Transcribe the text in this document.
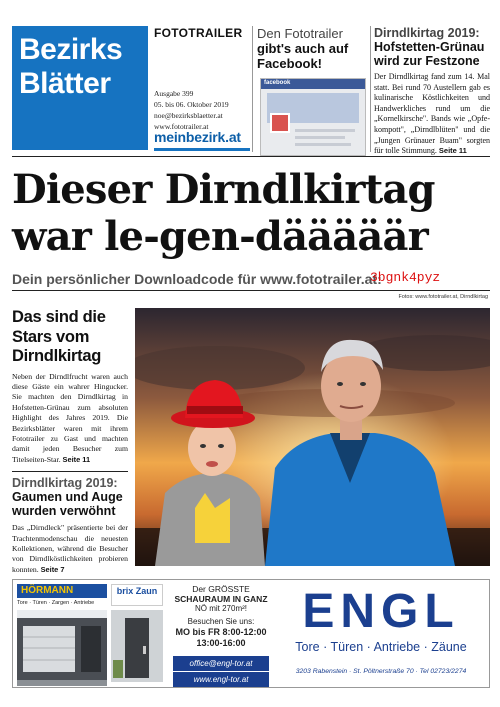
Bezirks
Blätter
FOTOTRAILER
Ausgabe 399
05. bis 06. Oktober 2019
noe@bezirksblaetter.at
www.fototrailer.at
meinbezirk.at
Den Fototrailer
gibt's auch auf Facebook!
facebook
Dirndlkirtag 2019:
Hofstetten-Grünau wird zur Festzone
Der Dirndlkirtag fand zum 14. Mal statt. Bei rund 70 Austellern gab es kulinarische Köstlichkeiten und Handwerkliches rund um die „Kornelkirsche". Bands wie „Opfe-kompott", „Dirndlblüten" und die „Jungen Grünauer Buam" sorgten für tolle Stimmung. Seite 11
Dieser Dirndlkirtag
war le-gen-dääääär
Dein persönlicher Downloadcode für www.fototrailer.at:
3bgnk4pyz
Fotos: www.fototrailer.at, Dirndlkirtag
Das sind die Stars vom Dirndlkirtag
Neben der Dirndlfrucht waren auch diese Gäste ein wahrer Hingucker. Sie machten den Dirndlkirtag in Hofstetten-Grünau zum absoluten Highlight des Jahres 2019. Die Bezirksblätter waren mit ihrem Fototrailer zu Gast und machten damit jeden Besucher zum Titelseiten-Star. Seite 11
Dirndlkirtag 2019:
Gaumen und Auge wurden verwöhnt
Das „Dirndleck" präsentierte bei der Trachtenmodenschau die neuesten Kollektionen, während die Besucher von Dirndlköstlichkeiten probieren konnten. Seite 7
HÖRMANN
Tore · Türen · Zargen · Antriebe
brix Zaun	Der GRÖSSTE
SCHAURAUM IN GANZ
NÖ mit 270m²!
Besuchen Sie uns:
MO bis FR 8:00-12:00
13:00-16:00
office@engl-tor.at
www.engl-tor.at
ENGL
Tore · Türen · Antriebe · Zäune
3203 Rabenstein · St. Pöltnerstraße 70 · Tel 02723/2274
